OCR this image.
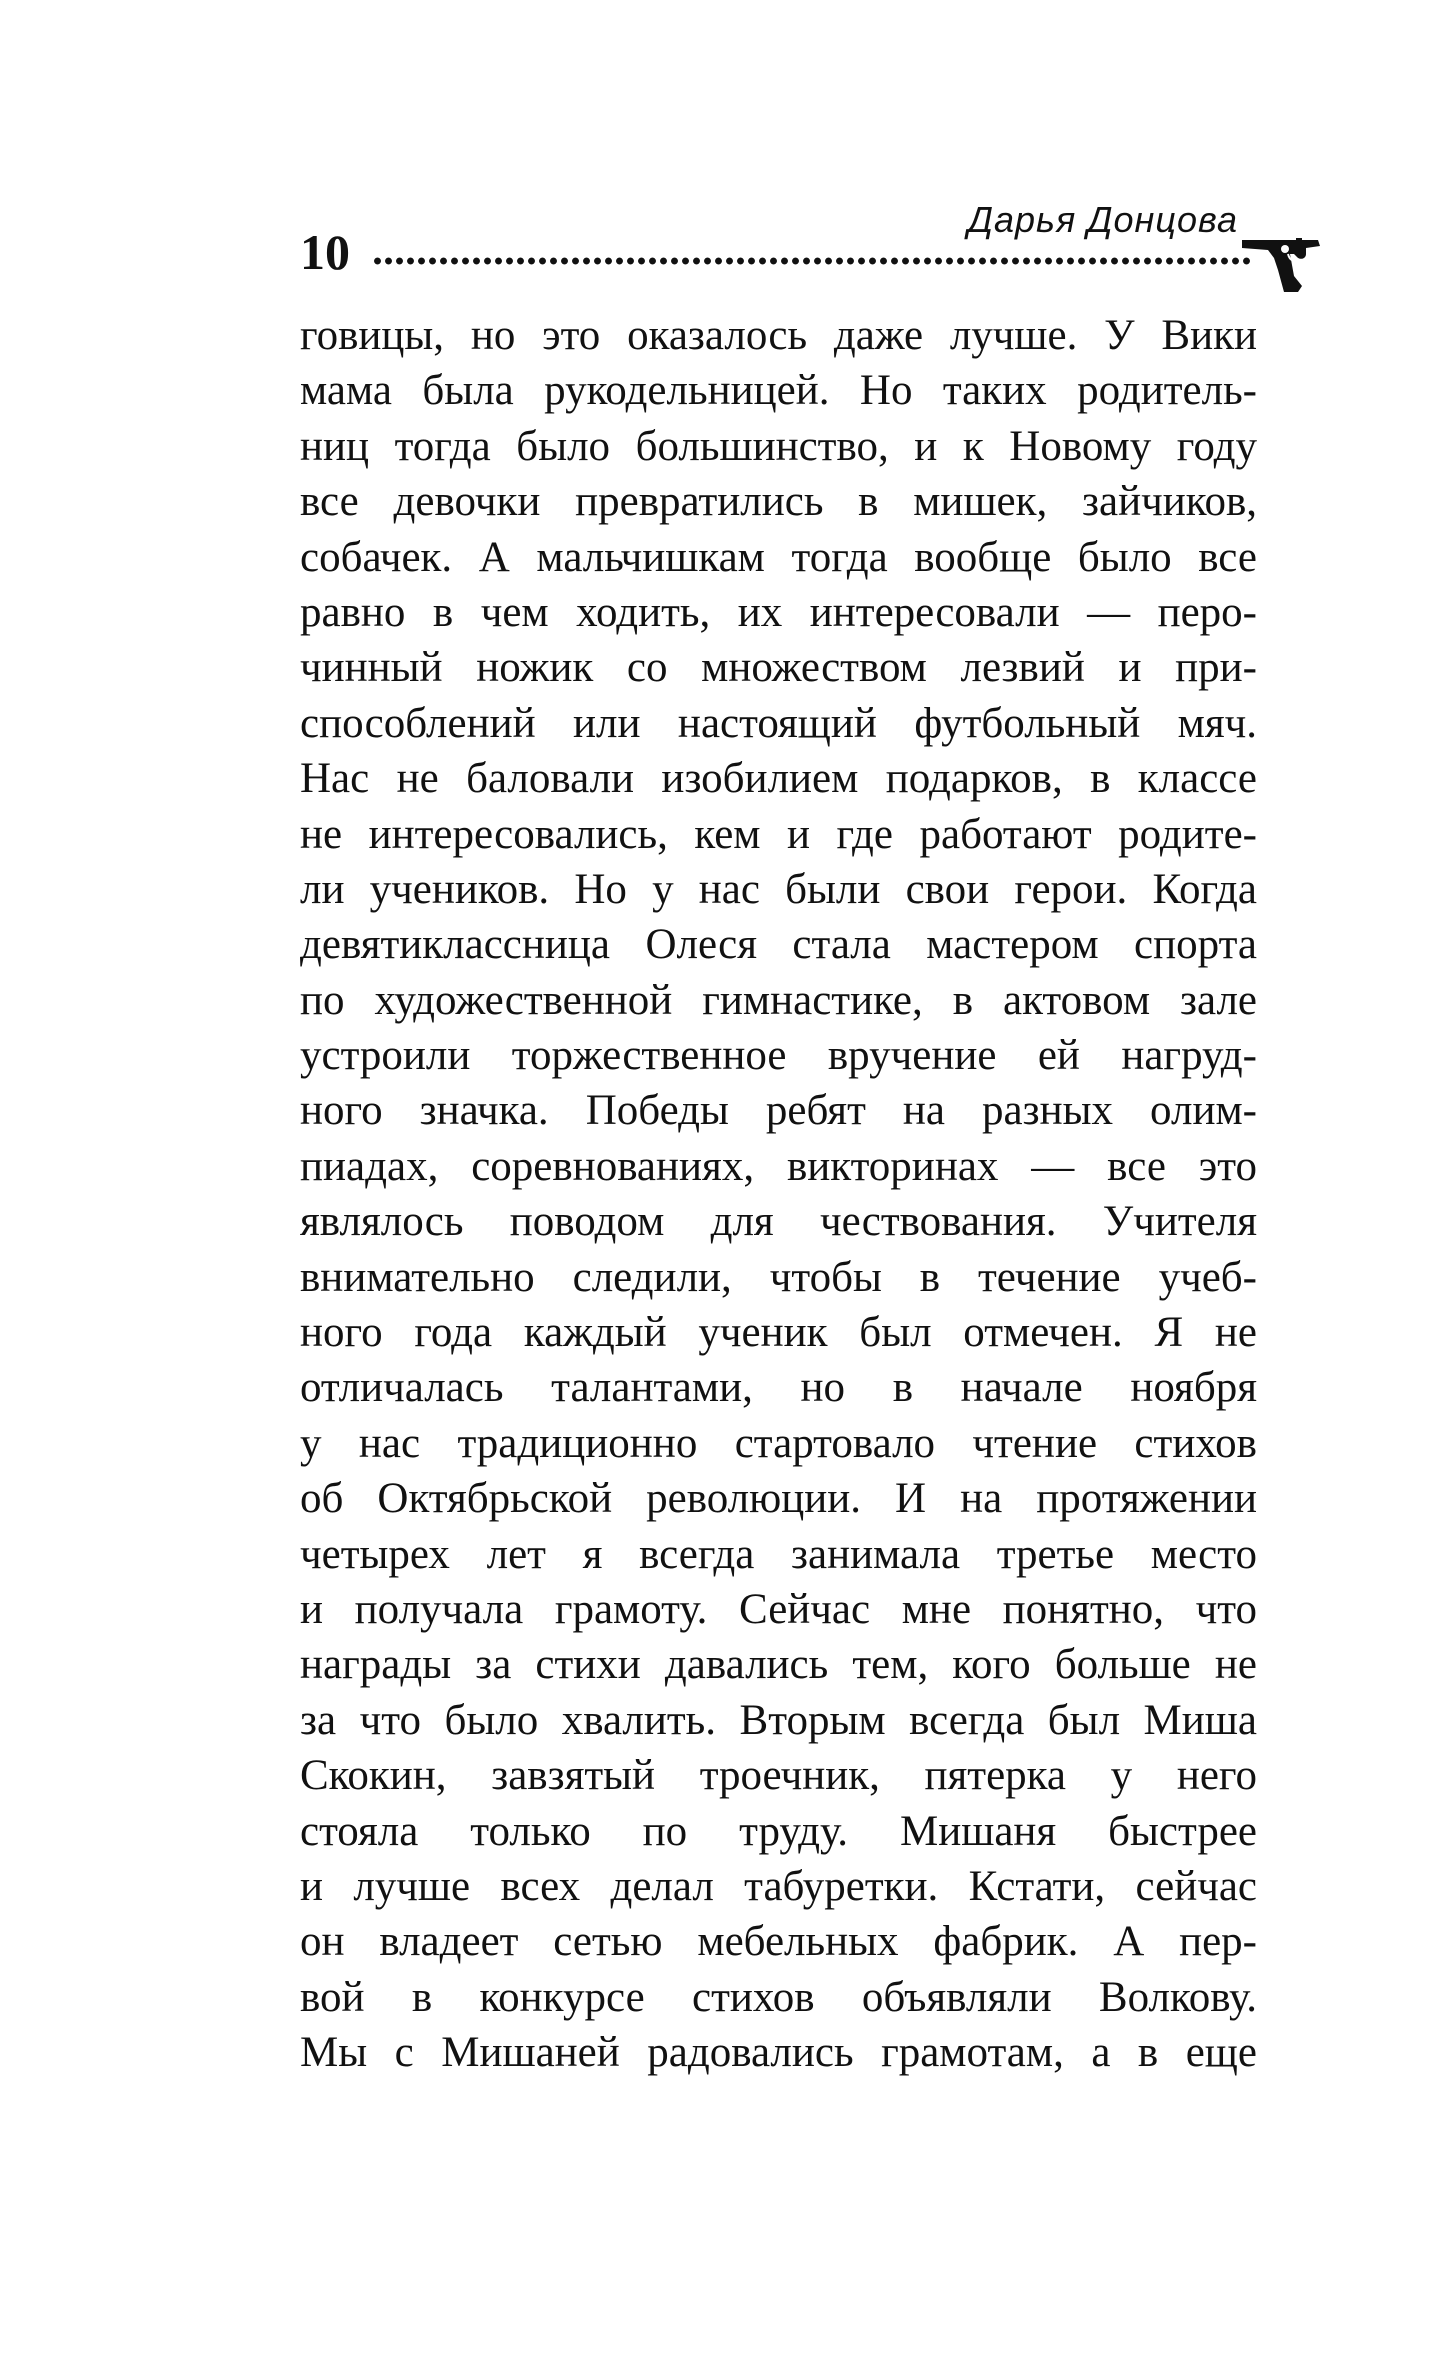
10
Дарья Донцова
говицы, но это оказалось даже лучше. У Вики
мама была рукодельницей. Но таких родитель-
ниц тогда было большинство, и к Новому году
все девочки превратились в мишек, зайчиков,
собачек. А мальчишкам тогда вообще было все
равно в чем ходить, их интересовали — перо-
чинный ножик со множеством лезвий и при-
способлений или настоящий футбольный мяч.
Нас не баловали изобилием подарков, в классе
не интересовались, кем и где работают родите-
ли учеников. Но у нас были свои герои. Когда
девятиклассница Олеся стала мастером спорта
по художественной гимнастике, в актовом зале
устроили торжественное вручение ей нагруд-
ного значка. Победы ребят на разных олим-
пиадах, соревнованиях, викторинах — все это
являлось поводом для чествования. Учителя
внимательно следили, чтобы в течение учеб-
ного года каждый ученик был отмечен. Я не
отличалась талантами, но в начале ноября
у нас традиционно стартовало чтение стихов
об Октябрьской революции. И на протяжении
четырех лет я всегда занимала третье место
и получала грамоту. Сейчас мне понятно, что
награды за стихи давались тем, кого больше не
за что было хвалить. Вторым всегда был Миша
Скокин, завзятый троечник, пятерка у него
стояла только по труду. Мишаня быстрее
и лучше всех делал табуретки. Кстати, сейчас
он владеет сетью мебельных фабрик. А пер-
вой в конкурсе стихов объявляли Волкову.
Мы с Мишаней радовались грамотам, а в еще
